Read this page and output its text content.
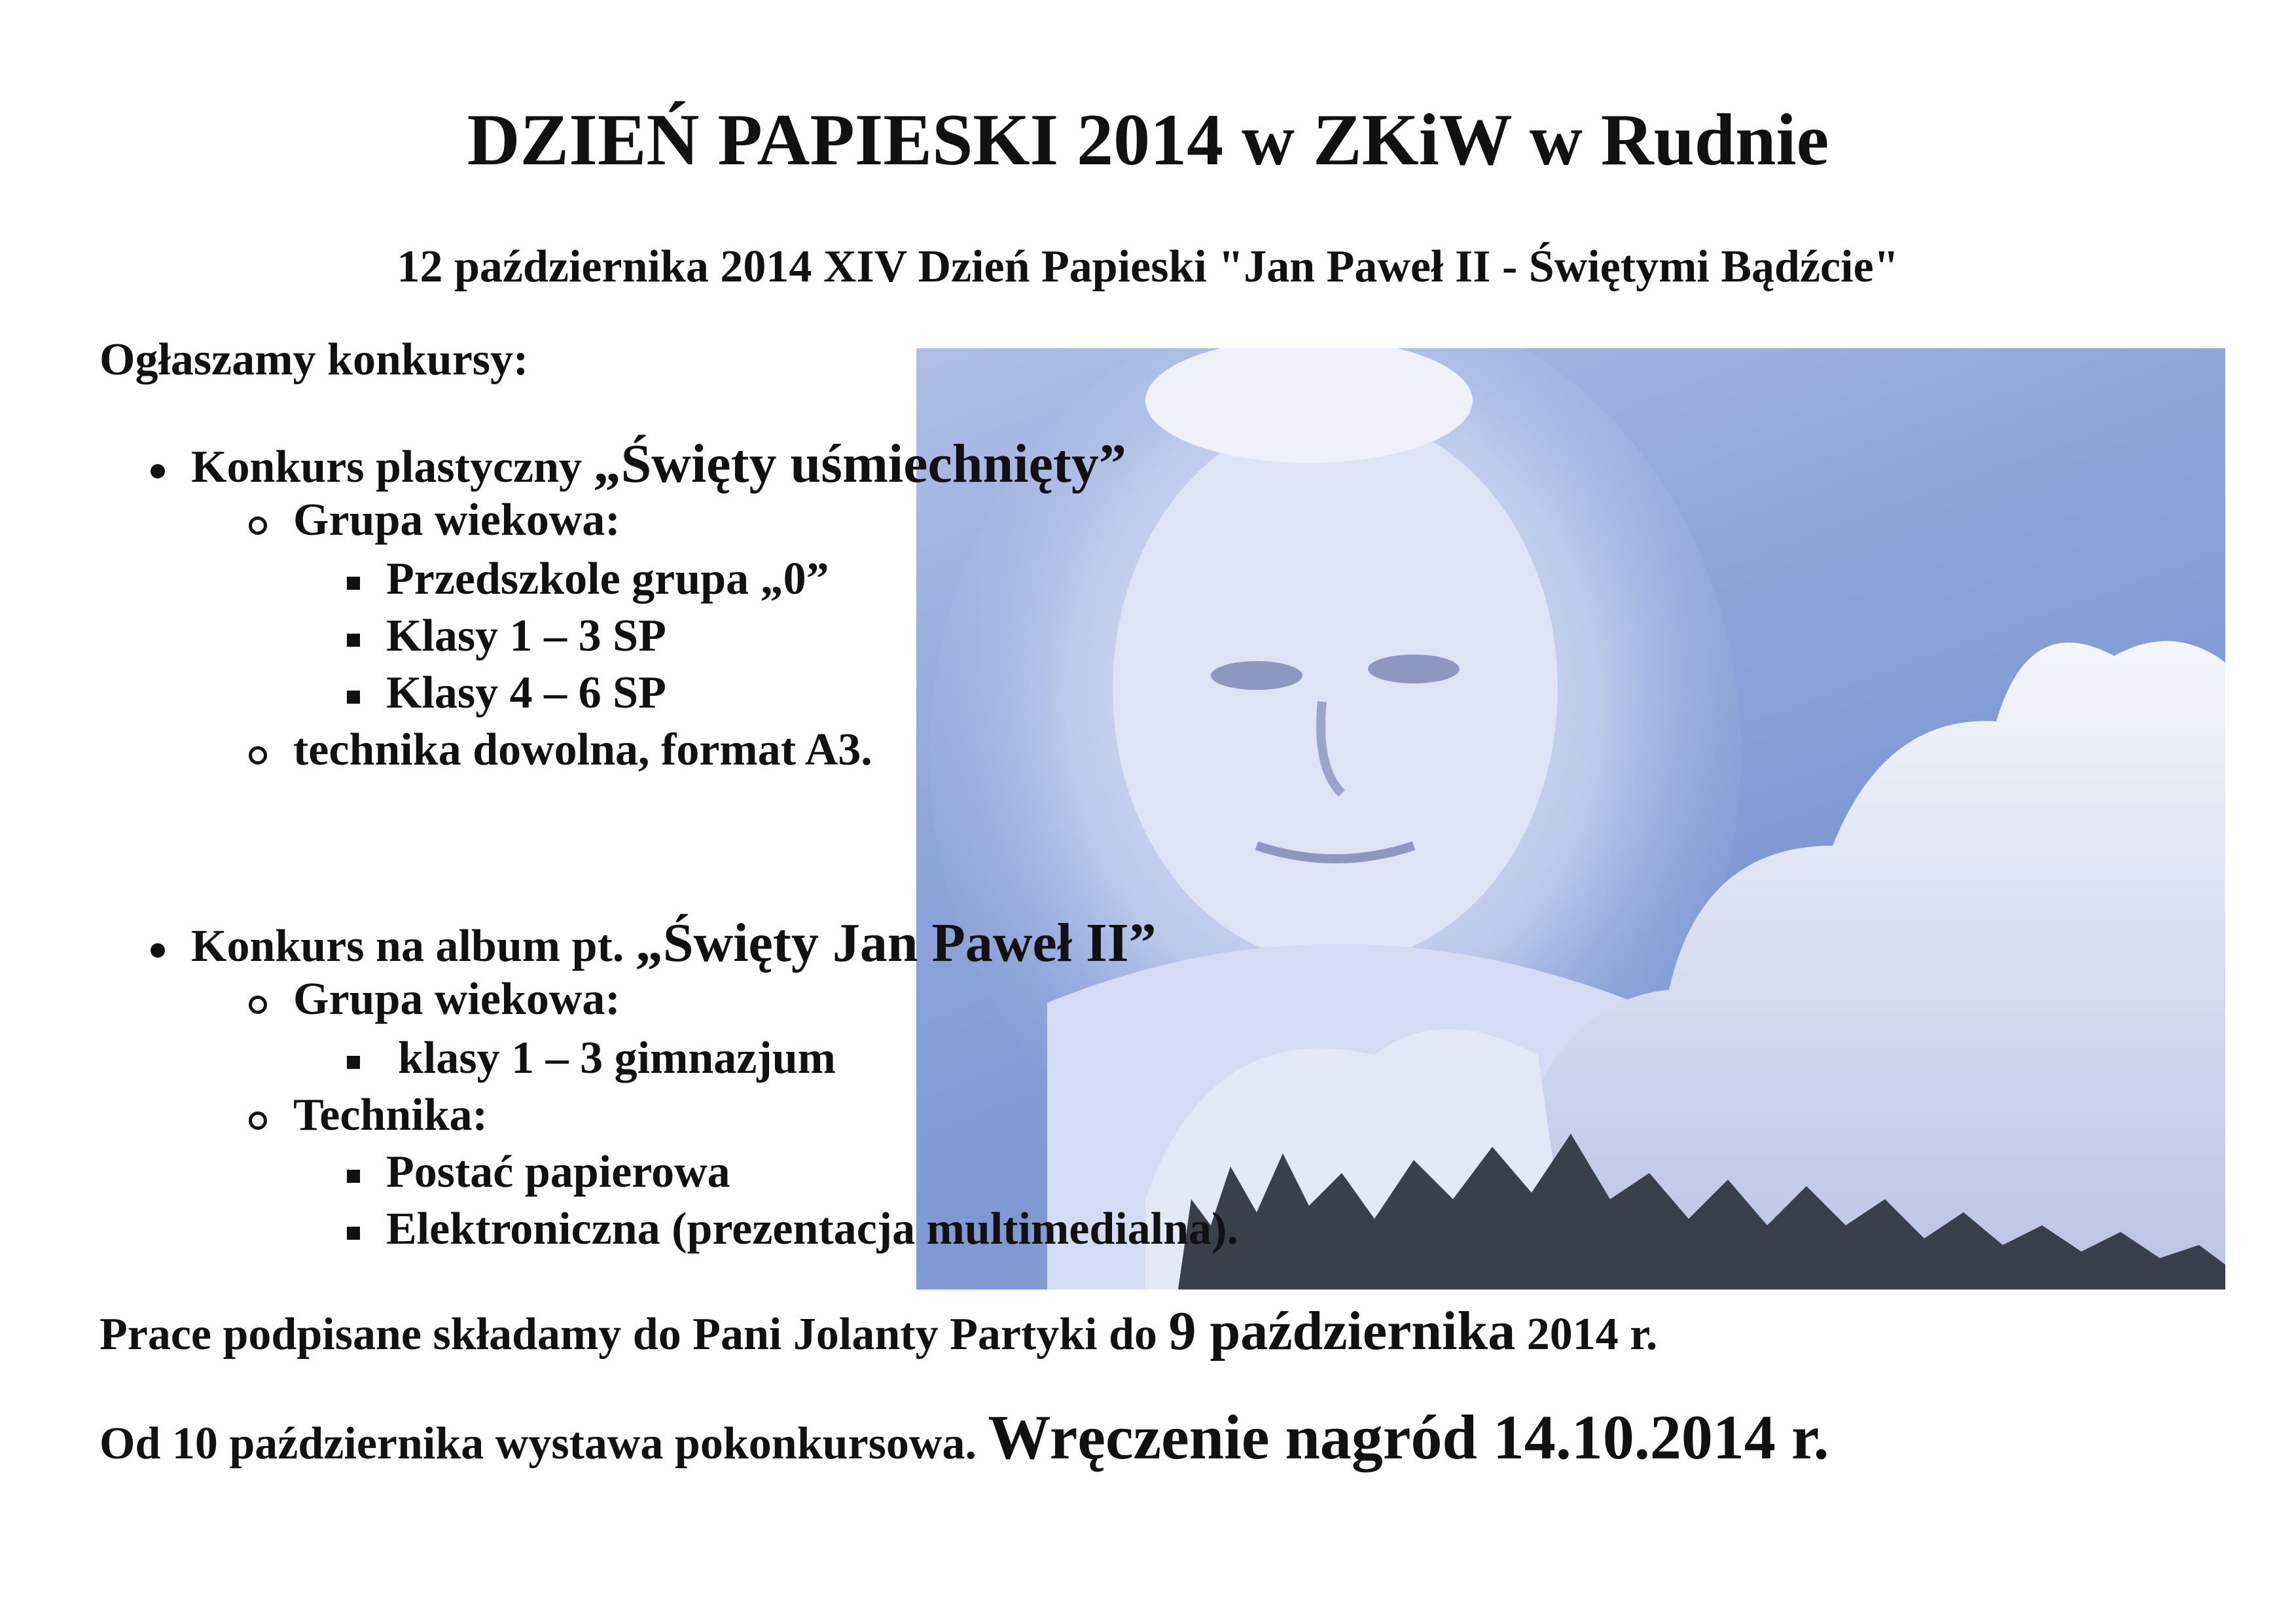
DZIEŃ PAPIESKI 2014 w ZKiW w Rudnie
12 października 2014 XIV Dzień Papieski "Jan Paweł II - Świętymi Bądźcie"
Ogłaszamy konkursy:
Konkurs plastyczny „Święty uśmiechnięty”
Grupa wiekowa:
Przedszkole grupa „0”
Klasy 1 – 3 SP
Klasy 4 – 6 SP
technika dowolna, format A3.
Konkurs na album pt. „Święty Jan Paweł II”
Grupa wiekowa:
klasy 1 – 3 gimnazjum
Technika:
Postać papierowa
Elektroniczna (prezentacja multimedialna).
Prace podpisane składamy do Pani Jolanty Partyki do 9 października 2014 r.
Od 10 października wystawa pokonkursowa. Wręczenie nagród 14.10.2014 r.
